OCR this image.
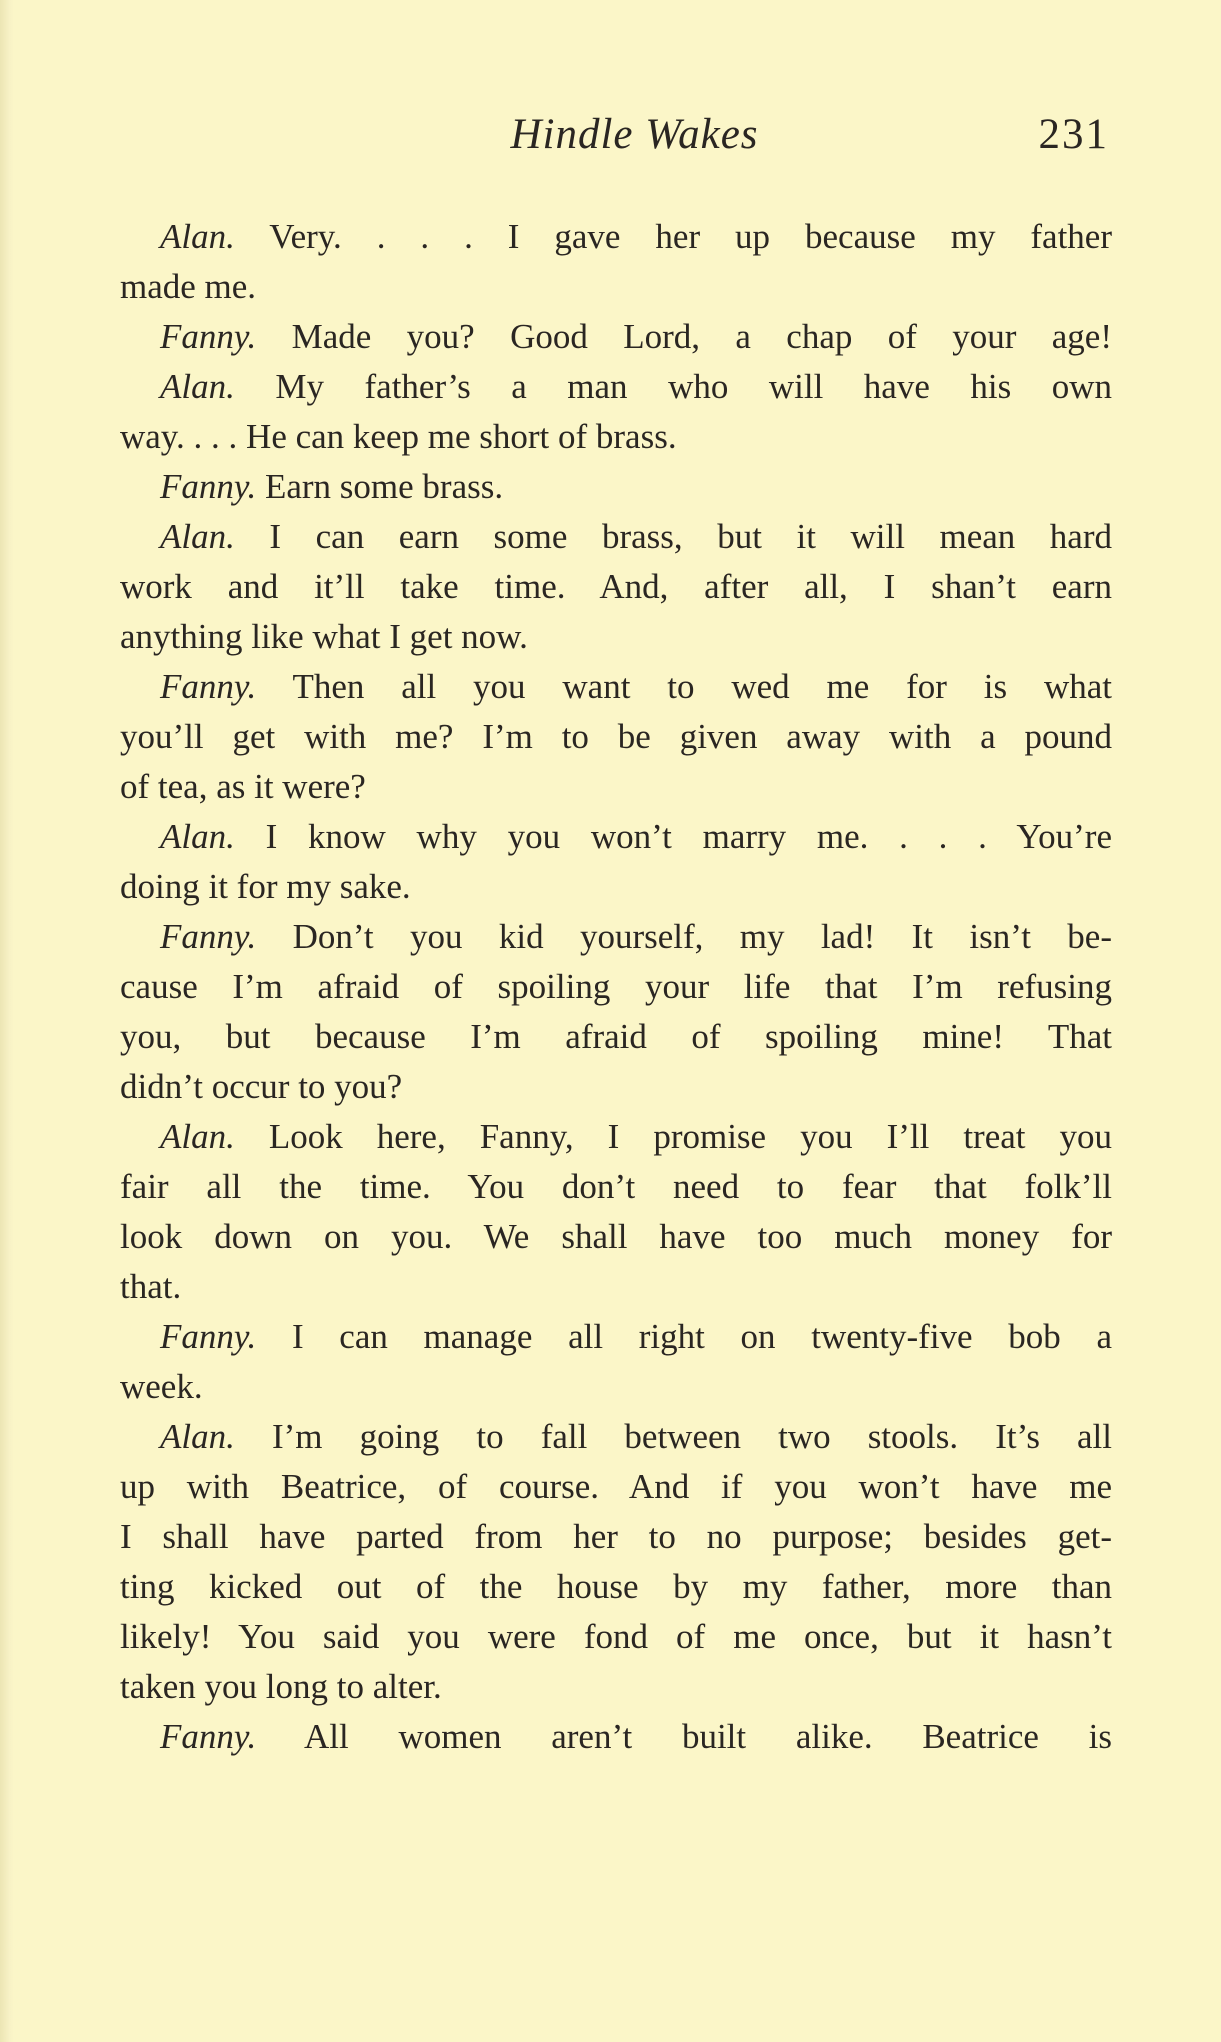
Hindle Wakes	231
Alan. Very. . . . I gave her up because my father
made me.
Fanny. Made you? Good Lord, a chap of your age!
Alan. My father’s a man who will have his own
way. . . . He can keep me short of brass.
Fanny. Earn some brass.
Alan. I can earn some brass, but it will mean hard
work and it’ll take time. And, after all, I shan’t earn
anything like what I get now.
Fanny. Then all you want to wed me for is what
you’ll get with me? I’m to be given away with a pound
of tea, as it were?
Alan. I know why you won’t marry me. . . . You’re
doing it for my sake.
Fanny. Don’t you kid yourself, my lad! It isn’t be-
cause I’m afraid of spoiling your life that I’m refusing
you, but because I’m afraid of spoiling mine! That
didn’t occur to you?
Alan. Look here, Fanny, I promise you I’ll treat you
fair all the time. You don’t need to fear that folk’ll
look down on you. We shall have too much money for
that.
Fanny. I can manage all right on twenty-five bob a
week.
Alan. I’m going to fall between two stools. It’s all
up with Beatrice, of course. And if you won’t have me
I shall have parted from her to no purpose; besides get-
ting kicked out of the house by my father, more than
likely! You said you were fond of me once, but it hasn’t
taken you long to alter.
Fanny. All women aren’t built alike. Beatrice is
